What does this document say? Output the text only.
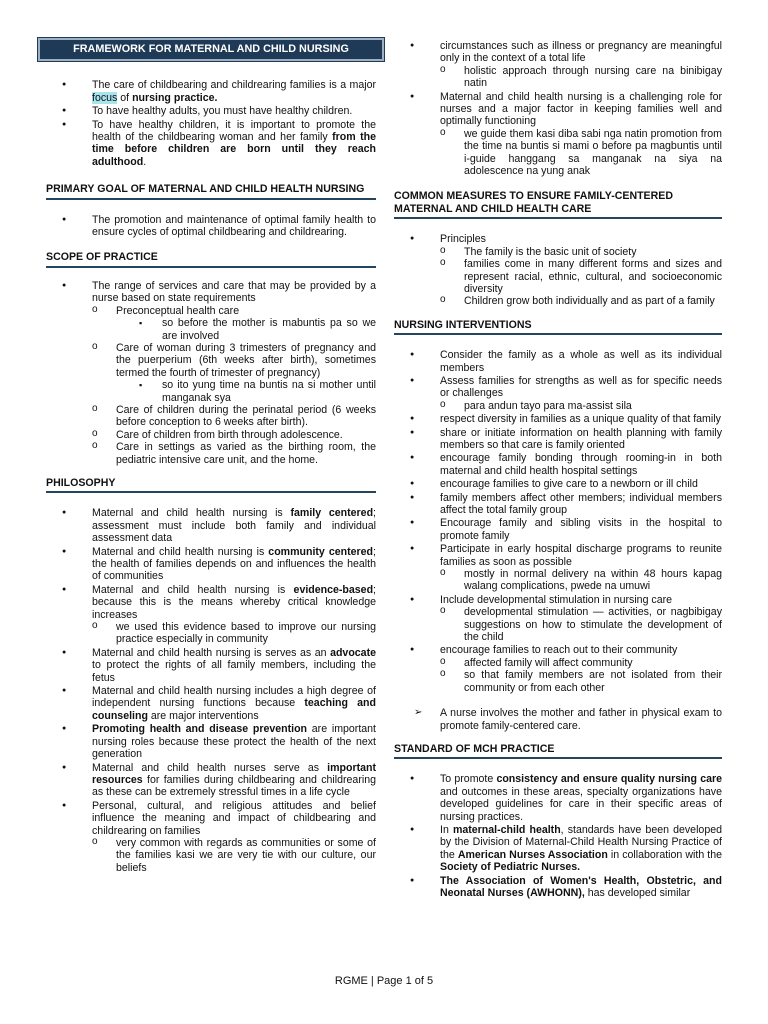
FRAMEWORK FOR MATERNAL AND CHILD NURSING
● The care of childbearing and childrearing families is a major focus of nursing practice.
● To have healthy adults, you must have healthy children.
● To have healthy children, it is important to promote the health of the childbearing woman and her family from the time before children are born until they reach adulthood.
PRIMARY GOAL OF MATERNAL AND CHILD HEALTH NURSING
● The promotion and maintenance of optimal family health to ensure cycles of optimal childbearing and childrearing.
SCOPE OF PRACTICE
● The range of services and care that may be provided by a nurse based on state requirements
o Preconceptual health care
▪ so before the mother is mabuntis pa so we are involved
o Care of woman during 3 trimesters of pregnancy and the puerperium (6th weeks after birth), sometimes termed the fourth of trimester of pregnancy)
▪ so ito yung time na buntis na si mother until manganak sya
o Care of children during the perinatal period (6 weeks before conception to 6 weeks after birth).
o Care of children from birth through adolescence.
o Care in settings as varied as the birthing room, the pediatric intensive care unit, and the home.
PHILOSOPHY
● Maternal and child health nursing is family centered; assessment must include both family and individual assessment data
● Maternal and child health nursing is community centered; the health of families depends on and influences the health of communities
● Maternal and child health nursing is evidence-based; because this is the means whereby critical knowledge increases
o we used this evidence based to improve our nursing practice especially in community
● Maternal and child health nursing is serves as an advocate to protect the rights of all family members, including the fetus
● Maternal and child health nursing includes a high degree of independent nursing functions because teaching and counseling are major interventions
● Promoting health and disease prevention are important nursing roles because these protect the health of the next generation
● Maternal and child health nurses serve as important resources for families during childbearing and childrearing as these can be extremely stressful times in a life cycle
● Personal, cultural, and religious attitudes and belief influence the meaning and impact of childbearing and childrearing on families
o very common with regards as communities or some of the families kasi we are very tie with our culture, our beliefs
● circumstances such as illness or pregnancy are meaningful only in the context of a total life
o holistic approach through nursing care na binibigay natin
● Maternal and child health nursing is a challenging role for nurses and a major factor in keeping families well and optimally functioning
o we guide them kasi diba sabi nga natin promotion from the time na buntis si mami o before pa magbuntis until i-guide hanggang sa manganak na siya na adolescence na yung anak
COMMON MEASURES TO ENSURE FAMILY-CENTERED MATERNAL AND CHILD HEALTH CARE
● Principles
o The family is the basic unit of society
o families come in many different forms and sizes and represent racial, ethnic, cultural, and socioeconomic diversity
o Children grow both individually and as part of a family
NURSING INTERVENTIONS
● Consider the family as a whole as well as its individual members
● Assess families for strengths as well as for specific needs or challenges
o para andun tayo para ma-assist sila
● respect diversity in families as a unique quality of that family
● share or initiate information on health planning with family members so that care is family oriented
● encourage family bonding through rooming-in in both maternal and child health hospital settings
● encourage families to give care to a newborn or ill child
● family members affect other members; individual members affect the total family group
● Encourage family and sibling visits in the hospital to promote family
● Participate in early hospital discharge programs to reunite families as soon as possible
o mostly in normal delivery na within 48 hours kapag walang complications, pwede na umuwi
● Include developmental stimulation in nursing care
o developmental stimulation — activities, or nagbibigay suggestions on how to stimulate the development of the child
● encourage families to reach out to their community
o affected family will affect community
o so that family members are not isolated from their community or from each other
➢ A nurse involves the mother and father in physical exam to promote family-centered care.
STANDARD OF MCH PRACTICE
● To promote consistency and ensure quality nursing care and outcomes in these areas, specialty organizations have developed guidelines for care in their specific areas of nursing practices.
● In maternal-child health, standards have been developed by the Division of Maternal-Child Health Nursing Practice of the American Nurses Association in collaboration with the Society of Pediatric Nurses.
● The Association of Women's Health, Obstetric, and Neonatal Nurses (AWHONN), has developed similar
RGME | Page 1 of 5
